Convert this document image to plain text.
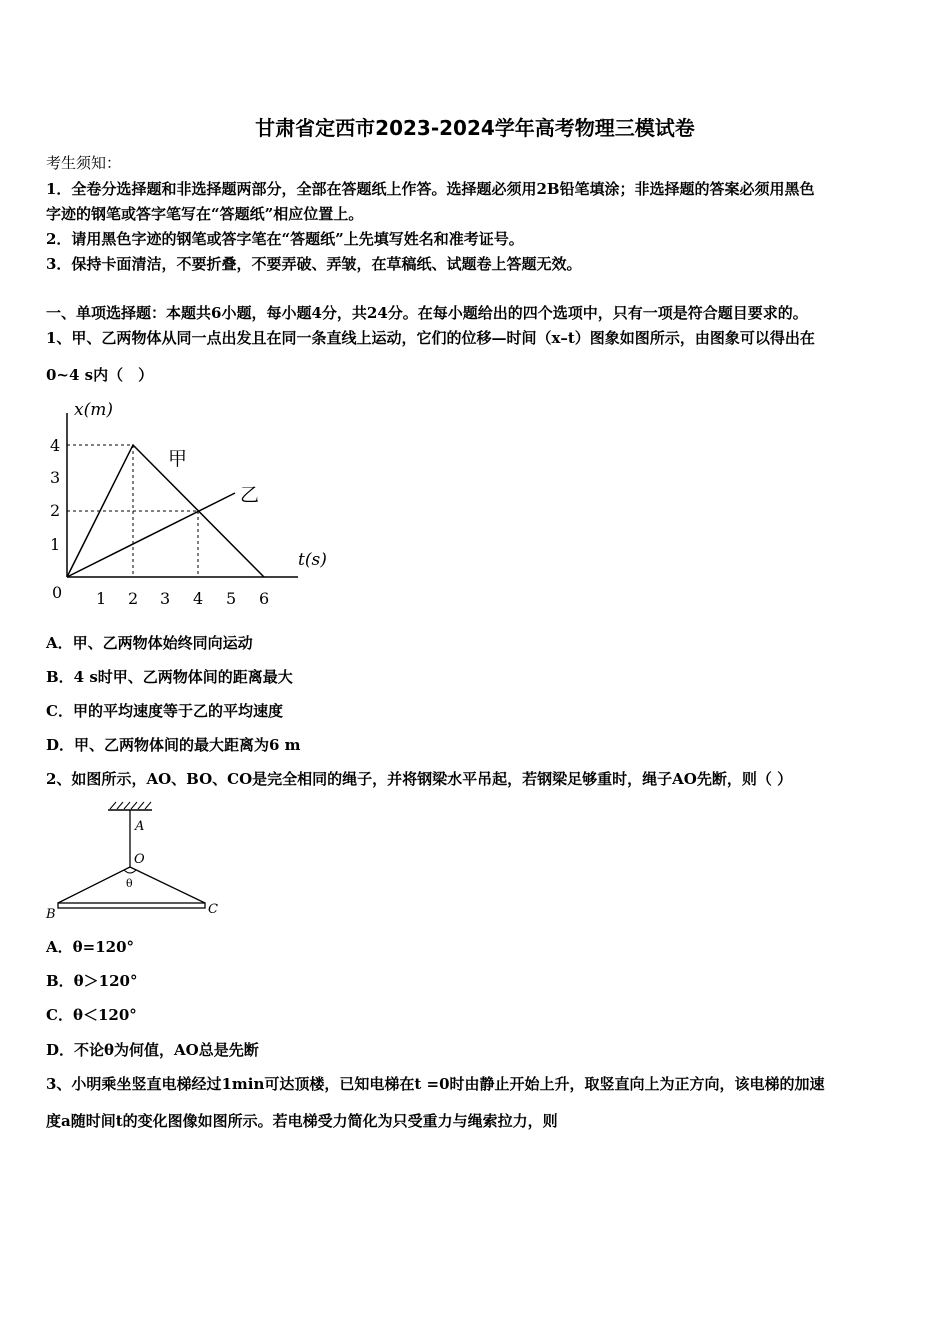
甘肃省定西市2023-2024学年高考物理三模试卷
考生须知：
1．全卷分选择题和非选择题两部分，全部在答题纸上作答。选择题必须用2B铅笔填涂；非选择题的答案必须用黑色
字迹的钢笔或答字笔写在“答题纸”相应位置上。
2．请用黑色字迹的钢笔或答字笔在“答题纸”上先填写姓名和准考证号。
3．保持卡面清洁，不要折叠，不要弄破、弄皱，在草稿纸、试题卷上答题无效。
一、单项选择题：本题共6小题，每小题4分，共24分。在每小题给出的四个选项中，只有一项是符合题目要求的。
1、甲、乙两物体从同一点出发且在同一条直线上运动，它们的位移—时间（x–t）图象如图所示，由图象可以得出在
0~4 s内（　）
x(m)
t(s)
0 1 2 3 4 5 6
1
2
3
4
甲
乙
A．甲、乙两物体始终同向运动
B．4 s时甲、乙两物体间的距离最大
C．甲的平均速度等于乙的平均速度
D．甲、乙两物体间的最大距离为6 m
2、如图所示，AO、BO、CO是完全相同的绳子，并将钢梁水平吊起，若钢梁足够重时，绳子AO先断，则（ ）
A
O
θ
B	C
A．θ=120°
B．θ＞120°
C．θ＜120°
D．不论θ为何值，AO总是先断
3、小明乘坐竖直电梯经过1min可达顶楼，已知电梯在t =0时由静止开始上升，取竖直向上为正方向，该电梯的加速
度a随时间t的变化图像如图所示。若电梯受力简化为只受重力与绳索拉力，则
